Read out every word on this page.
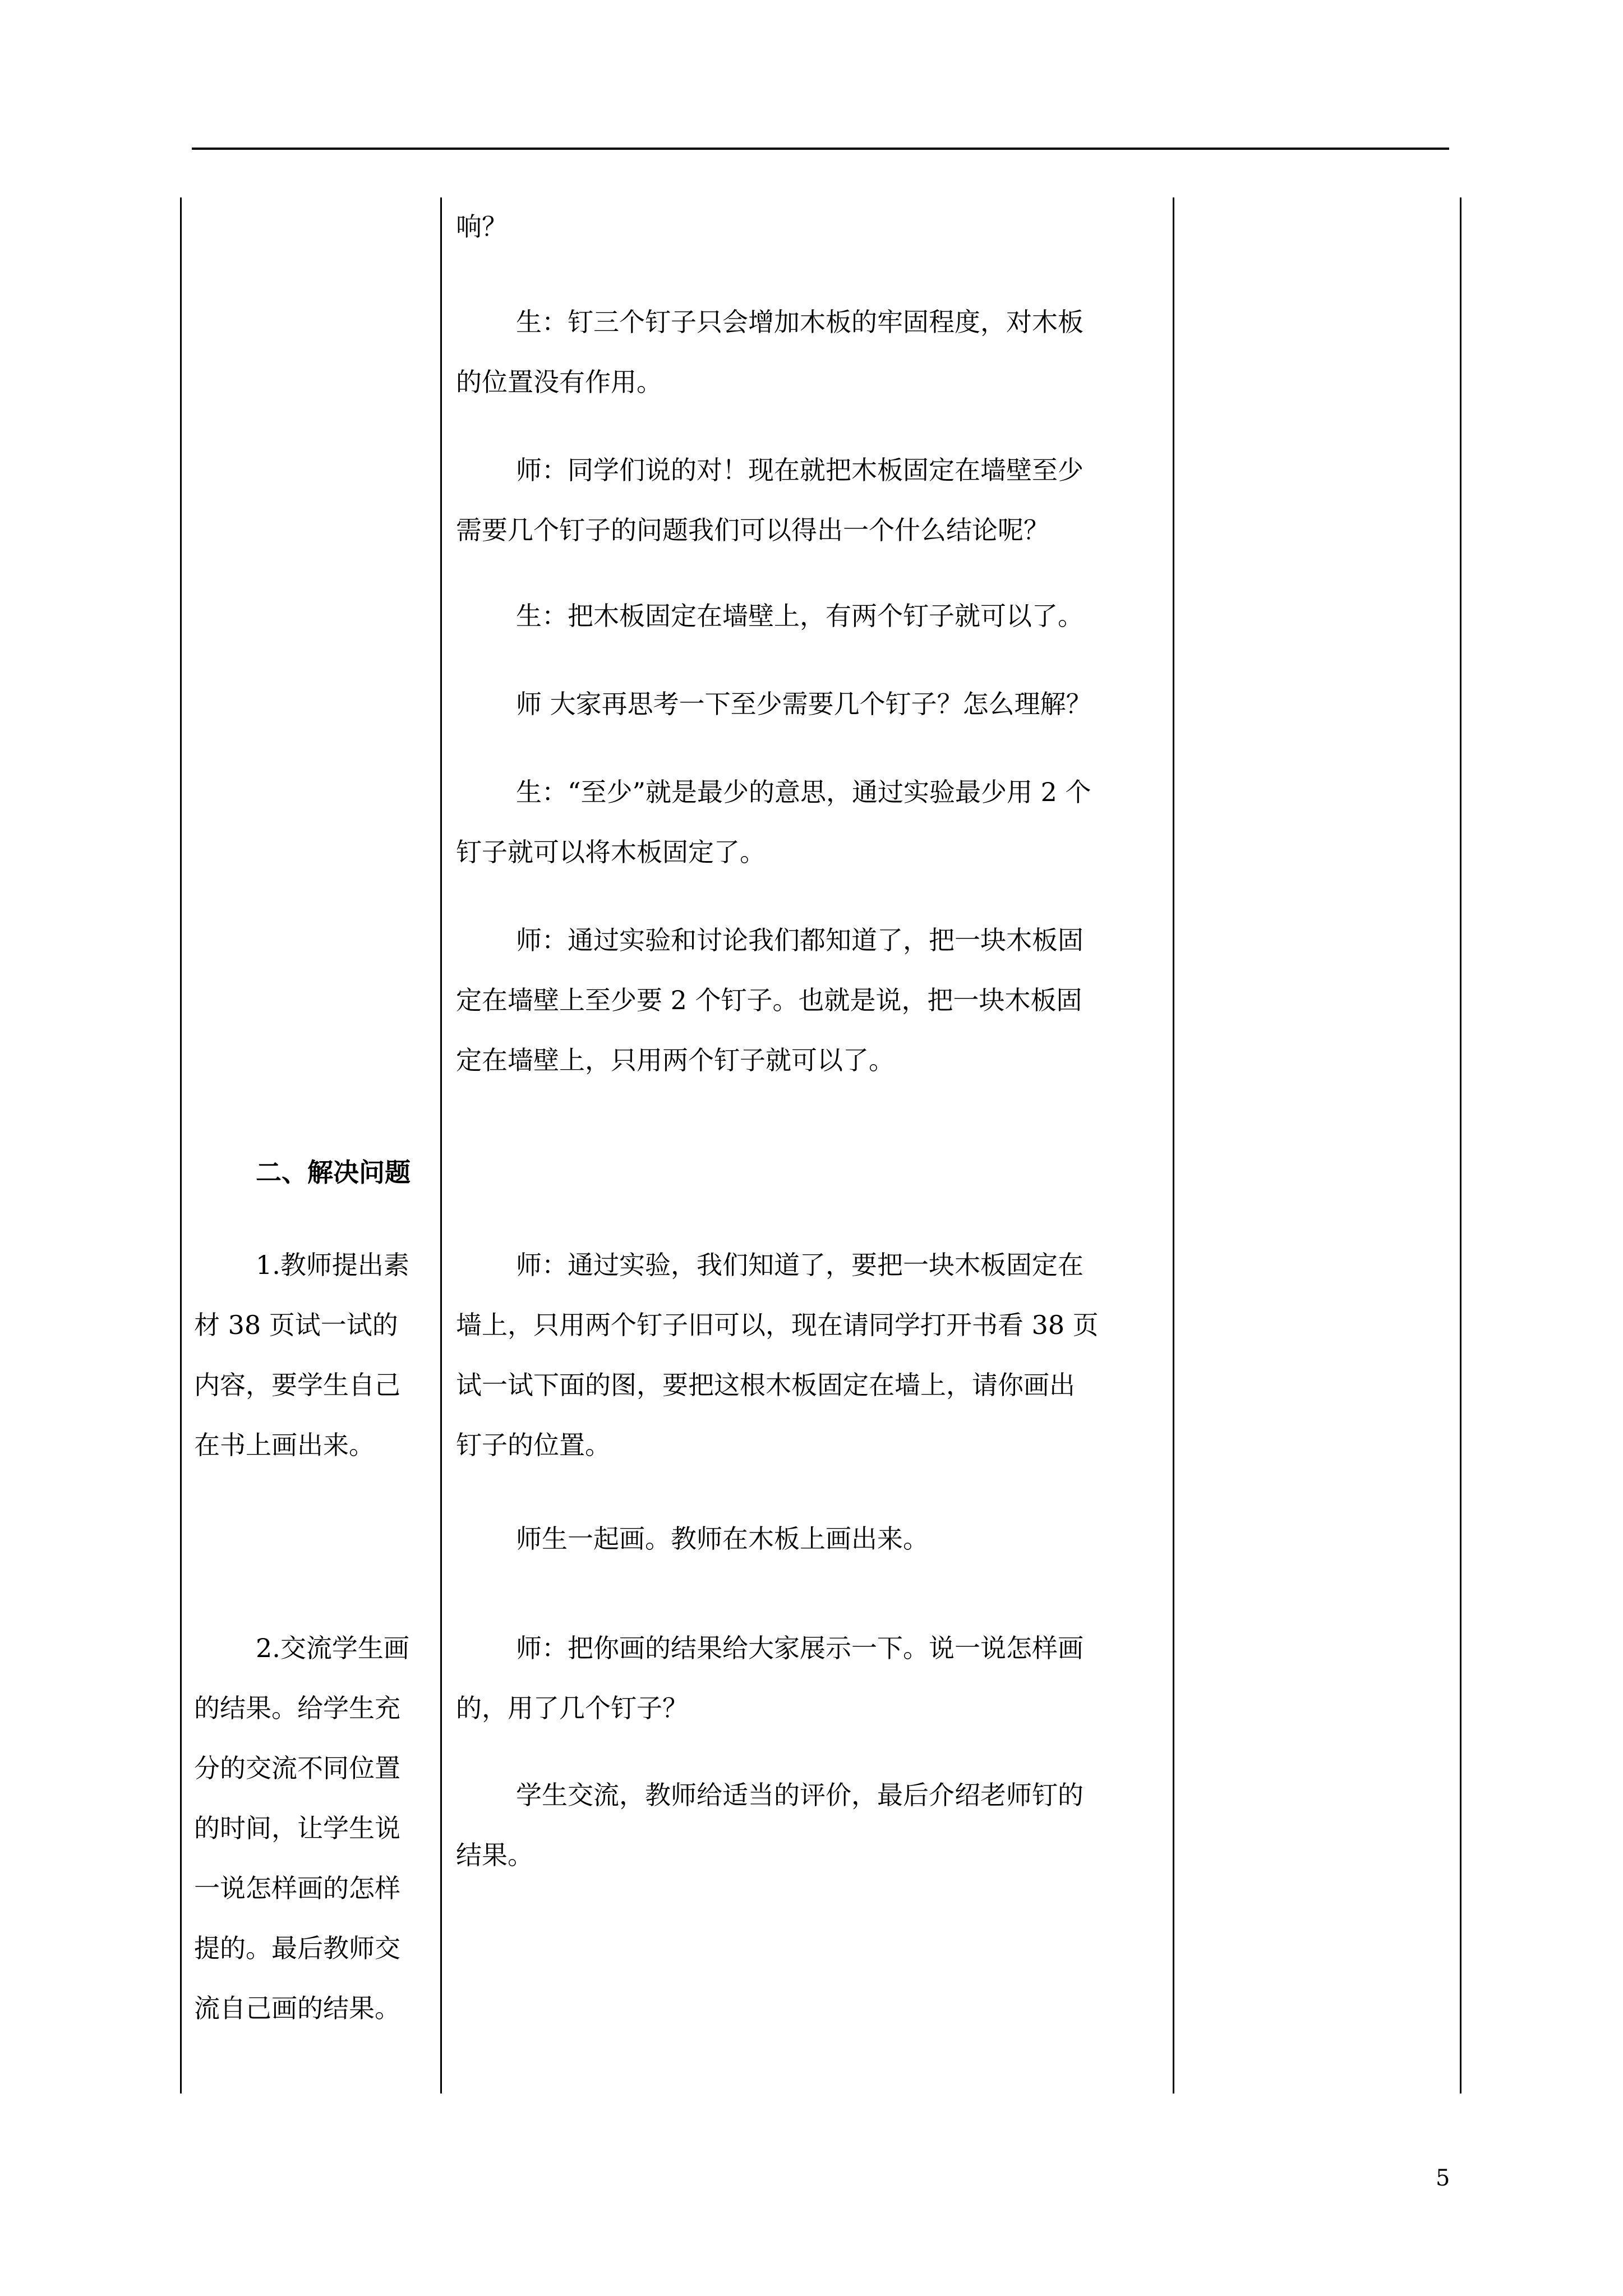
二、解决问题
1.教师提出素
材 38 页试一试的
内容，要学生自己
在书上画出来。
2.交流学生画
的结果。给学生充
分的交流不同位置
的时间，让学生说
一说怎样画的怎样
提的。最后教师交
流自己画的结果。
响？
生：钉三个钉子只会增加木板的牢固程度，对木板
的位置没有作用。
师：同学们说的对！现在就把木板固定在墙壁至少
需要几个钉子的问题我们可以得出一个什么结论呢？
生：把木板固定在墙壁上，有两个钉子就可以了。
师 大家再思考一下至少需要几个钉子？怎么理解？
生：“至少”就是最少的意思，通过实验最少用 2 个
钉子就可以将木板固定了。
师：通过实验和讨论我们都知道了，把一块木板固
定在墙壁上至少要 2 个钉子。也就是说，把一块木板固
定在墙壁上，只用两个钉子就可以了。
师：通过实验，我们知道了，要把一块木板固定在
墙上，只用两个钉子旧可以，现在请同学打开书看 38 页
试一试下面的图，要把这根木板固定在墙上，请你画出
钉子的位置。
师生一起画。教师在木板上画出来。
师：把你画的结果给大家展示一下。说一说怎样画
的，用了几个钉子？
学生交流，教师给适当的评价，最后介绍老师钉的
结果。
5
